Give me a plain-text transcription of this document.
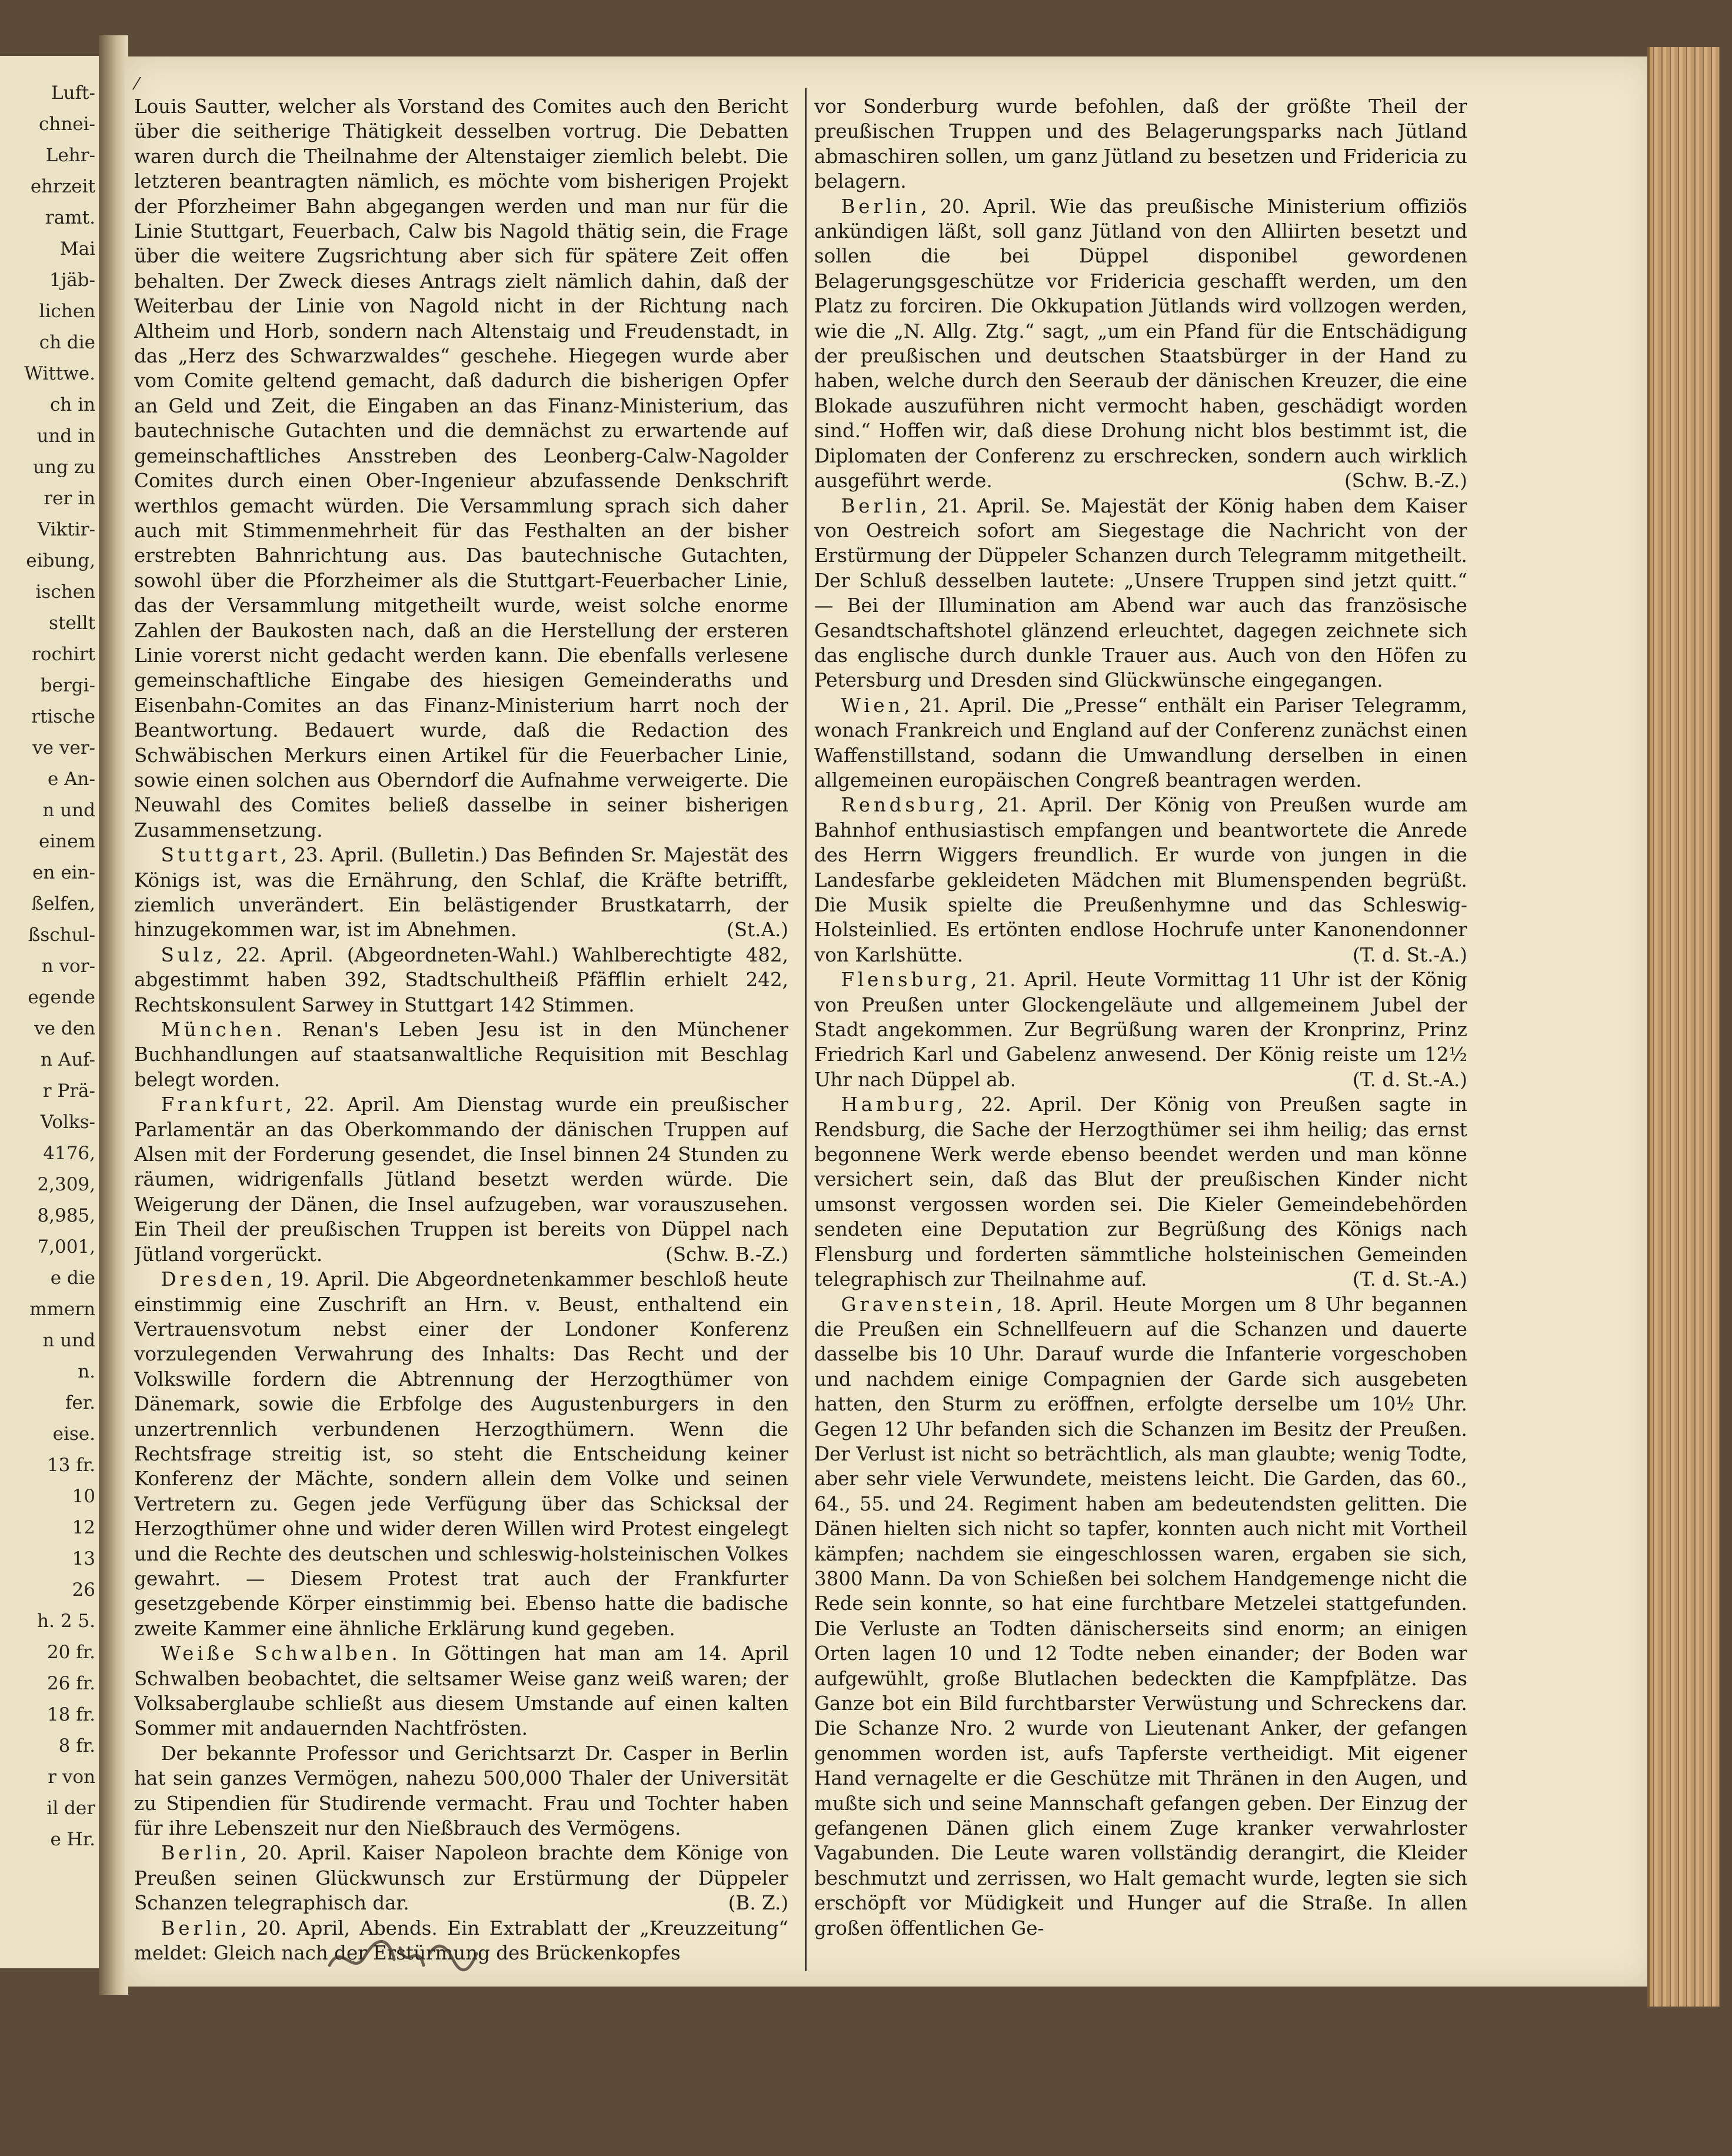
Luft-
chnei-
Lehr-
ehrzeit
ramt.
Mai
1jäb-
lichen
ch die
Wittwe.
ch in
und in
ung zu
rer in
Viktir-
eibung,
ischen
stellt
rochirt
bergi-
rtische
ve ver-
e An-
n und
einem
en ein-
ßelfen,
ßschul-
n vor-
egende
ve den
n Auf-
r Prä-
Volks-
4176,
2,309,
8,985,
7,001,
e die
mmern
n und
n.
fer.
eise.
13 fr.
10
12
13
26
h. 2 5.
20 fr.
26 fr.
18 fr.
8 fr.
r von
il der
e Hr.
⁄

Louis Sautter, welcher als Vorstand des Comites auch den Bericht über die seitherige Thätigkeit desselben vortrug. Die Debatten waren durch die Theilnahme der Altenstaiger ziemlich belebt. Die letzteren beantragten nämlich, es möchte vom bisherigen Projekt der Pforzheimer Bahn abgegangen werden und man nur für die Linie Stuttgart, Feuerbach, Calw bis Nagold thätig sein, die Frage über die weitere Zugsrichtung aber sich für spätere Zeit offen behalten. Der Zweck dieses Antrags zielt nämlich dahin, daß der Weiterbau der Linie von Nagold nicht in der Richtung nach Altheim und Horb, sondern nach Altenstaig und Freudenstadt, in das „Herz des Schwarzwaldes“ geschehe. Hiegegen wurde aber vom Comite geltend gemacht, daß dadurch die bisherigen Opfer an Geld und Zeit, die Eingaben an das Finanz-Ministerium, das bautechnische Gutachten und die demnächst zu erwartende auf gemeinschaftliches Ansstreben des Leonberg-Calw-Nagolder Comites durch einen Ober-Ingenieur abzufassende Denkschrift werthlos gemacht würden. Die Versammlung sprach sich daher auch mit Stimmenmehrheit für das Festhalten an der bisher erstrebten Bahnrichtung aus. Das bautechnische Gutachten, sowohl über die Pforzheimer als die Stuttgart-Feuerbacher Linie, das der Versammlung mitgetheilt wurde, weist solche enorme Zahlen der Baukosten nach, daß an die Herstellung der ersteren Linie vorerst nicht gedacht werden kann. Die ebenfalls verlesene gemeinschaftliche Eingabe des hiesigen Gemeinderaths und Eisenbahn-Comites an das Finanz-Ministerium harrt noch der Beantwortung. Bedauert wurde, daß die Redaction des Schwäbischen Merkurs einen Artikel für die Feuerbacher Linie, sowie einen solchen aus Oberndorf die Aufnahme verweigerte. Die Neuwahl des Comites beließ dasselbe in seiner bisherigen Zusammensetzung.

Stuttgart, 23. April. (Bulletin.) Das Befinden Sr. Majestät des Königs ist, was die Ernährung, den Schlaf, die Kräfte betrifft, ziemlich unverändert. Ein belästigender Brustkatarrh, der hinzugekommen war, ist im Abnehmen.	(St.A.)

Sulz, 22. April. (Abgeordneten-Wahl.) Wahlberechtigte 482, abgestimmt haben 392, Stadtschultheiß Pfäfflin erhielt 242, Rechtskonsulent Sarwey in Stuttgart 142 Stimmen.

München. Renan's Leben Jesu ist in den Münchener Buchhandlungen auf staatsanwaltliche Requisition mit Beschlag belegt worden.

Frankfurt, 22. April. Am Dienstag wurde ein preußischer Parlamentär an das Oberkommando der dänischen Truppen auf Alsen mit der Forderung gesendet, die Insel binnen 24 Stunden zu räumen, widrigenfalls Jütland besetzt werden würde. Die Weigerung der Dänen, die Insel aufzugeben, war vorauszusehen. Ein Theil der preußischen Truppen ist bereits von Düppel nach Jütland vorgerückt.	(Schw. B.-Z.)

Dresden, 19. April. Die Abgeordnetenkammer beschloß heute einstimmig eine Zuschrift an Hrn. v. Beust, enthaltend ein Vertrauensvotum nebst einer der Londoner Konferenz vorzulegenden Verwahrung des Inhalts: Das Recht und der Volkswille fordern die Abtrennung der Herzogthümer von Dänemark, sowie die Erbfolge des Augustenburgers in den unzertrennlich verbundenen Herzogthümern. Wenn die Rechtsfrage streitig ist, so steht die Entscheidung keiner Konferenz der Mächte, sondern allein dem Volke und seinen Vertretern zu. Gegen jede Verfügung über das Schicksal der Herzogthümer ohne und wider deren Willen wird Protest eingelegt und die Rechte des deutschen und schleswig-holsteinischen Volkes gewahrt. — Diesem Protest trat auch der Frankfurter gesetzgebende Körper einstimmig bei. Ebenso hatte die badische zweite Kammer eine ähnliche Erklärung kund gegeben.

Weiße Schwalben. In Göttingen hat man am 14. April Schwalben beobachtet, die seltsamer Weise ganz weiß waren; der Volksaberglaube schließt aus diesem Umstande auf einen kalten Sommer mit andauernden Nachtfrösten.

Der bekannte Professor und Gerichtsarzt Dr. Casper in Berlin hat sein ganzes Vermögen, nahezu 500,000 Thaler der Universität zu Stipendien für Studirende vermacht. Frau und Tochter haben für ihre Lebenszeit nur den Nießbrauch des Vermögens.

Berlin, 20. April. Kaiser Napoleon brachte dem Könige von Preußen seinen Glückwunsch zur Erstürmung der Düppeler Schanzen telegraphisch dar.	(B. Z.)

Berlin, 20. April, Abends. Ein Extrablatt der „Kreuzzeitung“ meldet: Gleich nach der Erstürmung des Brückenkopfes

vor Sonderburg wurde befohlen, daß der größte Theil der preußischen Truppen und des Belagerungsparks nach Jütland abmaschiren sollen, um ganz Jütland zu besetzen und Fridericia zu belagern.

Berlin, 20. April. Wie das preußische Ministerium offiziös ankündigen läßt, soll ganz Jütland von den Alliirten besetzt und sollen die bei Düppel disponibel gewordenen Belagerungsgeschütze vor Fridericia geschafft werden, um den Platz zu forciren. Die Okkupation Jütlands wird vollzogen werden, wie die „N. Allg. Ztg.“ sagt, „um ein Pfand für die Entschädigung der preußischen und deutschen Staatsbürger in der Hand zu haben, welche durch den Seeraub der dänischen Kreuzer, die eine Blokade auszuführen nicht vermocht haben, geschädigt worden sind.“ Hoffen wir, daß diese Drohung nicht blos bestimmt ist, die Diplomaten der Conferenz zu erschrecken, sondern auch wirklich ausgeführt werde.	(Schw. B.-Z.)

Berlin, 21. April. Se. Majestät der König haben dem Kaiser von Oestreich sofort am Siegestage die Nachricht von der Erstürmung der Düppeler Schanzen durch Telegramm mitgetheilt. Der Schluß desselben lautete: „Unsere Truppen sind jetzt quitt.“ — Bei der Illumination am Abend war auch das französische Gesandtschaftshotel glänzend erleuchtet, dagegen zeichnete sich das englische durch dunkle Trauer aus. Auch von den Höfen zu Petersburg und Dresden sind Glückwünsche eingegangen.

Wien, 21. April. Die „Presse“ enthält ein Pariser Telegramm, wonach Frankreich und England auf der Conferenz zunächst einen Waffenstillstand, sodann die Umwandlung derselben in einen allgemeinen europäischen Congreß beantragen werden.

Rendsburg, 21. April. Der König von Preußen wurde am Bahnhof enthusiastisch empfangen und beantwortete die Anrede des Herrn Wiggers freundlich. Er wurde von jungen in die Landesfarbe gekleideten Mädchen mit Blumenspenden begrüßt. Die Musik spielte die Preußenhymne und das Schleswig-Holsteinlied. Es ertönten endlose Hochrufe unter Kanonendonner von Karlshütte.	(T. d. St.-A.)

Flensburg, 21. April. Heute Vormittag 11 Uhr ist der König von Preußen unter Glockengeläute und allgemeinem Jubel der Stadt angekommen. Zur Begrüßung waren der Kronprinz, Prinz Friedrich Karl und Gabelenz anwesend. Der König reiste um 12½ Uhr nach Düppel ab.	(T. d. St.-A.)

Hamburg, 22. April. Der König von Preußen sagte in Rendsburg, die Sache der Herzogthümer sei ihm heilig; das ernst begonnene Werk werde ebenso beendet werden und man könne versichert sein, daß das Blut der preußischen Kinder nicht umsonst vergossen worden sei. Die Kieler Gemeindebehörden sendeten eine Deputation zur Begrüßung des Königs nach Flensburg und forderten sämmtliche holsteinischen Gemeinden telegraphisch zur Theilnahme auf.	(T. d. St.-A.)

Gravenstein, 18. April. Heute Morgen um 8 Uhr begannen die Preußen ein Schnellfeuern auf die Schanzen und dauerte dasselbe bis 10 Uhr. Darauf wurde die Infanterie vorgeschoben und nachdem einige Compagnien der Garde sich ausgebeten hatten, den Sturm zu eröffnen, erfolgte derselbe um 10½ Uhr. Gegen 12 Uhr befanden sich die Schanzen im Besitz der Preußen. Der Verlust ist nicht so beträchtlich, als man glaubte; wenig Todte, aber sehr viele Verwundete, meistens leicht. Die Garden, das 60., 64., 55. und 24. Regiment haben am bedeutendsten gelitten. Die Dänen hielten sich nicht so tapfer, konnten auch nicht mit Vortheil kämpfen; nachdem sie eingeschlossen waren, ergaben sie sich, 3800 Mann. Da von Schießen bei solchem Handgemenge nicht die Rede sein konnte, so hat eine furchtbare Metzelei stattgefunden. Die Verluste an Todten dänischerseits sind enorm; an einigen Orten lagen 10 und 12 Todte neben einander; der Boden war aufgewühlt, große Blutlachen bedeckten die Kampfplätze. Das Ganze bot ein Bild furchtbarster Verwüstung und Schreckens dar. Die Schanze Nro. 2 wurde von Lieutenant Anker, der gefangen genommen worden ist, aufs Tapferste vertheidigt. Mit eigener Hand vernagelte er die Geschütze mit Thränen in den Augen, und mußte sich und seine Mannschaft gefangen geben. Der Einzug der gefangenen Dänen glich einem Zuge kranker verwahrloster Vagabunden. Die Leute waren vollständig derangirt, die Kleider beschmutzt und zerrissen, wo Halt gemacht wurde, legten sie sich erschöpft vor Müdigkeit und Hunger auf die Straße. In allen großen öffentlichen Ge-
